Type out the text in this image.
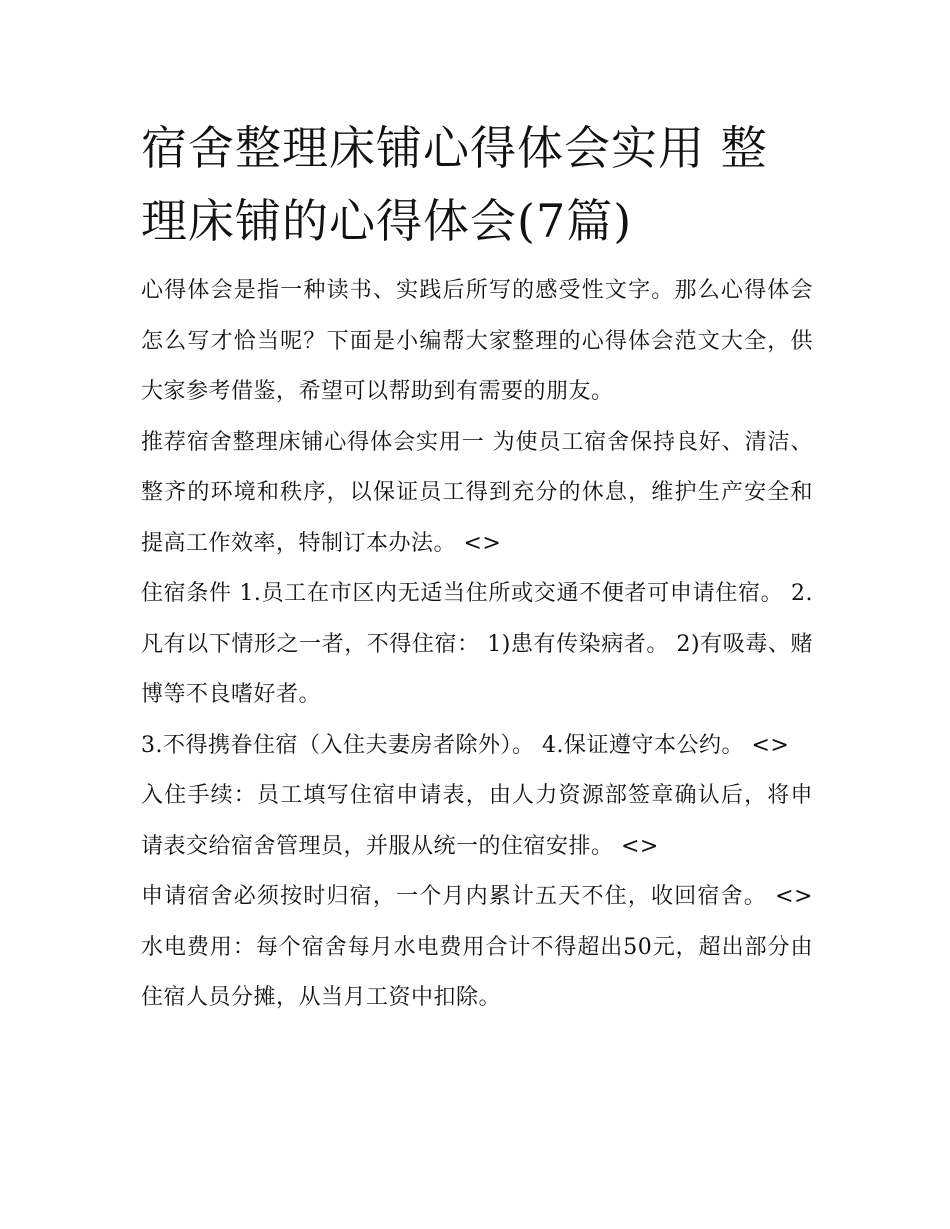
宿舍整理床铺心得体会实用 整理床铺的心得体会(7篇)

心得体会是指一种读书、实践后所写的感受性文字。那么心得体会怎么写才恰当呢？下面是小编帮大家整理的心得体会范文大全，供大家参考借鉴，希望可以帮助到有需要的朋友。

推荐宿舍整理床铺心得体会实用一 为使员工宿舍保持良好、清洁、整齐的环境和秩序，以保证员工得到充分的休息，维护生产安全和提高工作效率，特制订本办法。 <>

住宿条件 1.员工在市区内无适当住所或交通不便者可申请住宿。 2.凡有以下情形之一者，不得住宿： 1)患有传染病者。 2)有吸毒、赌博等不良嗜好者。

3.不得携眷住宿（入住夫妻房者除外）。 4.保证遵守本公约。 <>

入住手续：员工填写住宿申请表，由人力资源部签章确认后，将申请表交给宿舍管理员，并服从统一的住宿安排。 <>

申请宿舍必须按时归宿，一个月内累计五天不住，收回宿舍。 <> 水电费用：每个宿舍每月水电费用合计不得超出50元，超出部分由住宿人员分摊，从当月工资中扣除。
